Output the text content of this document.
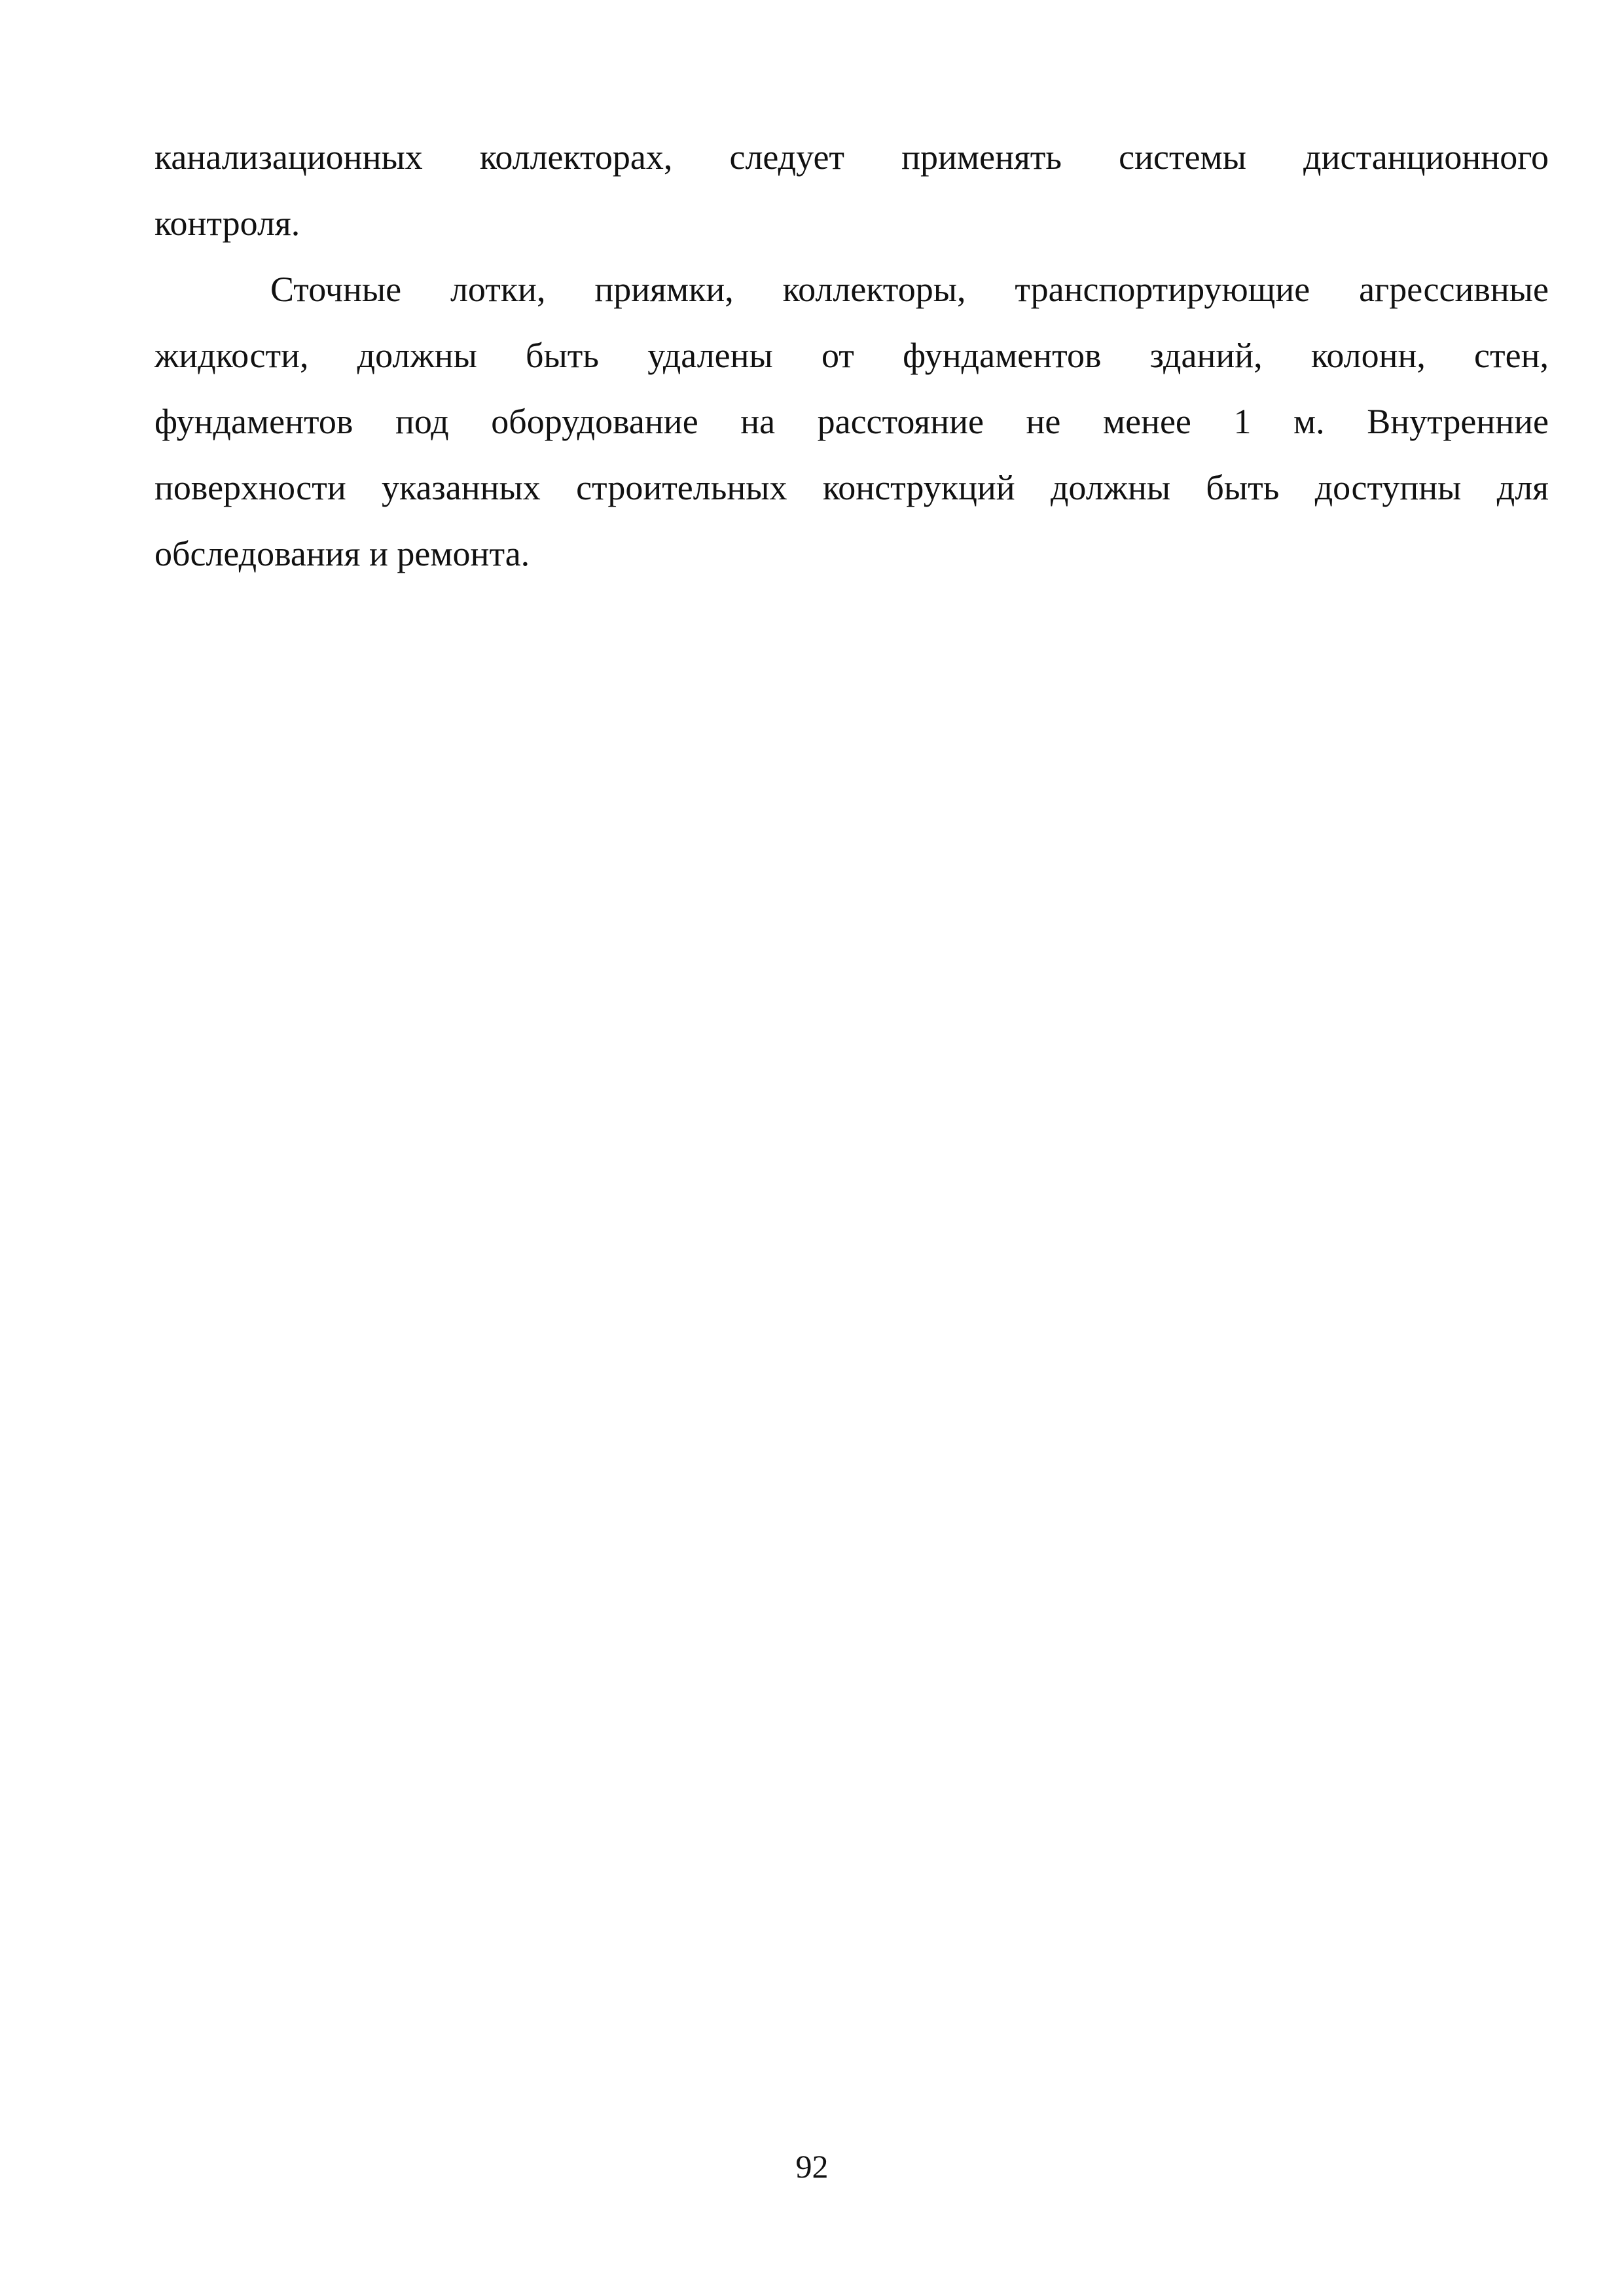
канализационных коллекторах, следует применять системы дистанционного
контроля.
Сточные лотки, приямки, коллекторы, транспортирующие агрессивные
жидкости, должны быть удалены от фундаментов зданий, колонн, стен,
фундаментов под оборудование на расстояние не менее 1 м. Внутренние
поверхности указанных строительных конструкций должны быть доступны для
обследования и ремонта.
92
